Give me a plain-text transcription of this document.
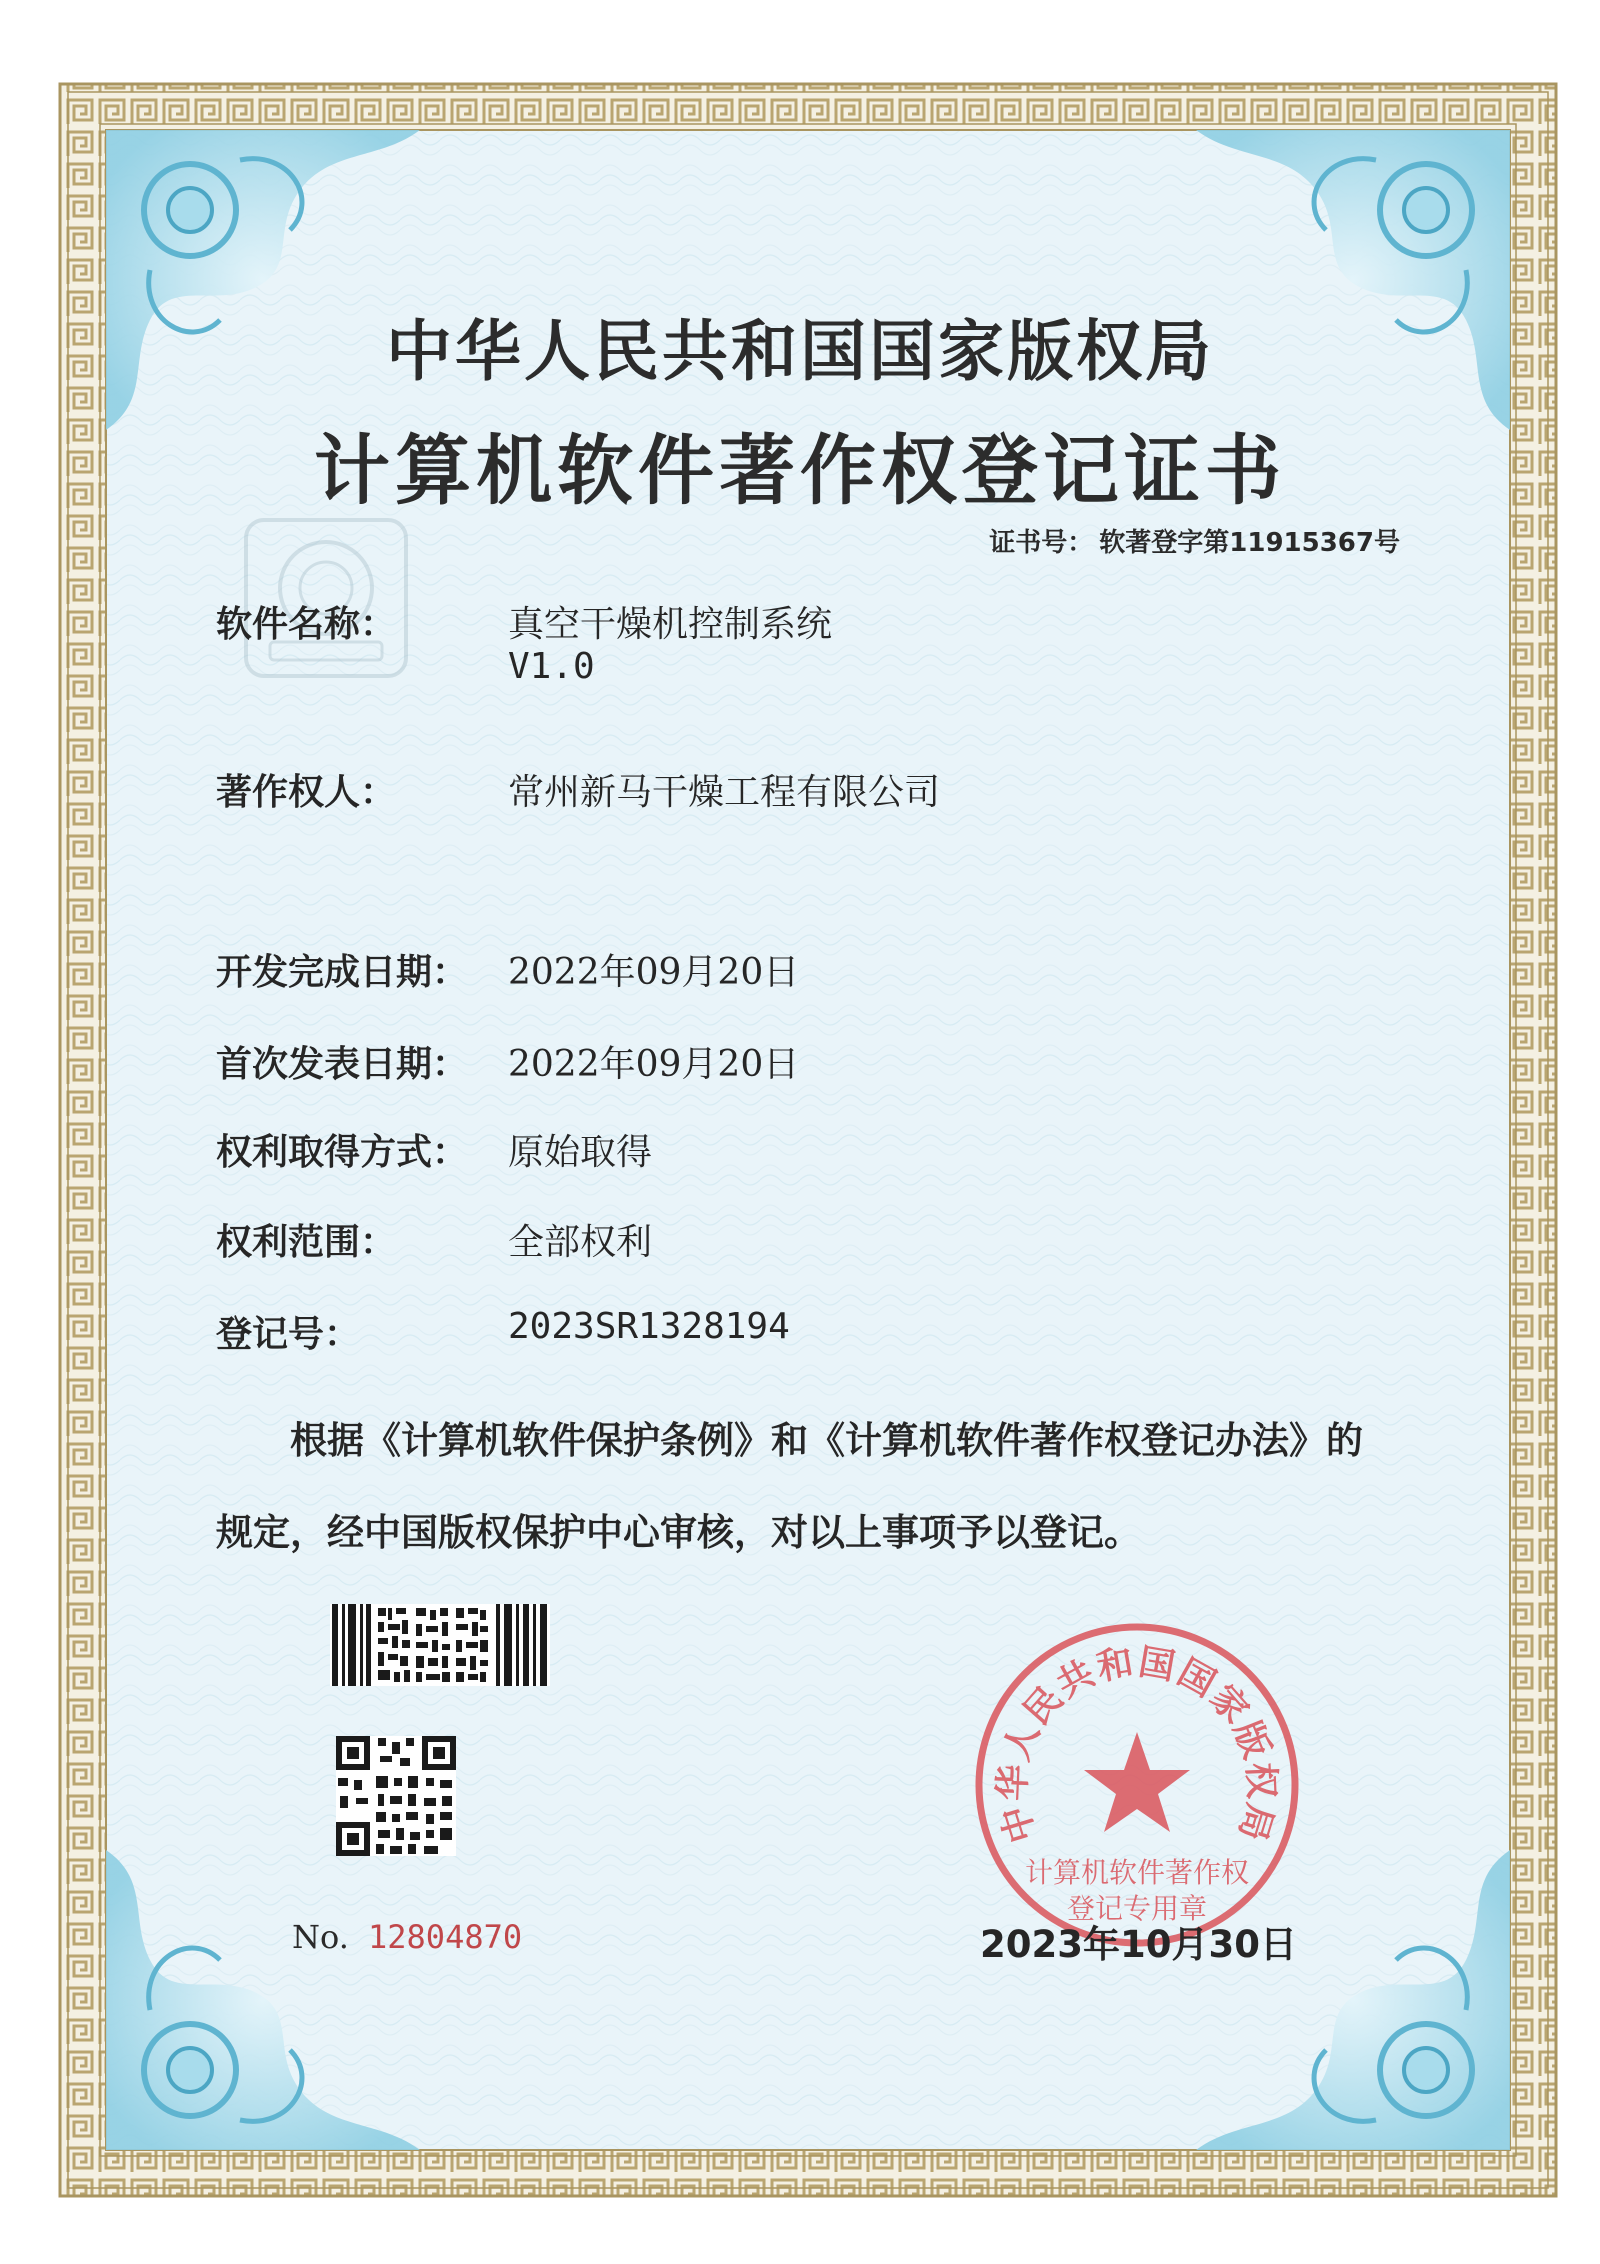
中华人民共和国国家版权局
计算机软件著作权登记证书
证书号： 软著登字第11915367号
软件名称：	真空干燥机控制系统
V1.0
著作权人：	常州新马干燥工程有限公司
开发完成日期： 2022年09月20日
首次发表日期： 2022年09月20日
权利取得方式： 原始取得
权利范围：	全部权利
登记号：	2023SR1328194
根据《计算机软件保护条例》和《计算机软件著作权登记办法》的
规定，经中国版权保护中心审核，对以上事项予以登记。
中华人民共和国国家版权局
计算机软件著作权
登记专用章
No. 12804870	2023年10月30日
